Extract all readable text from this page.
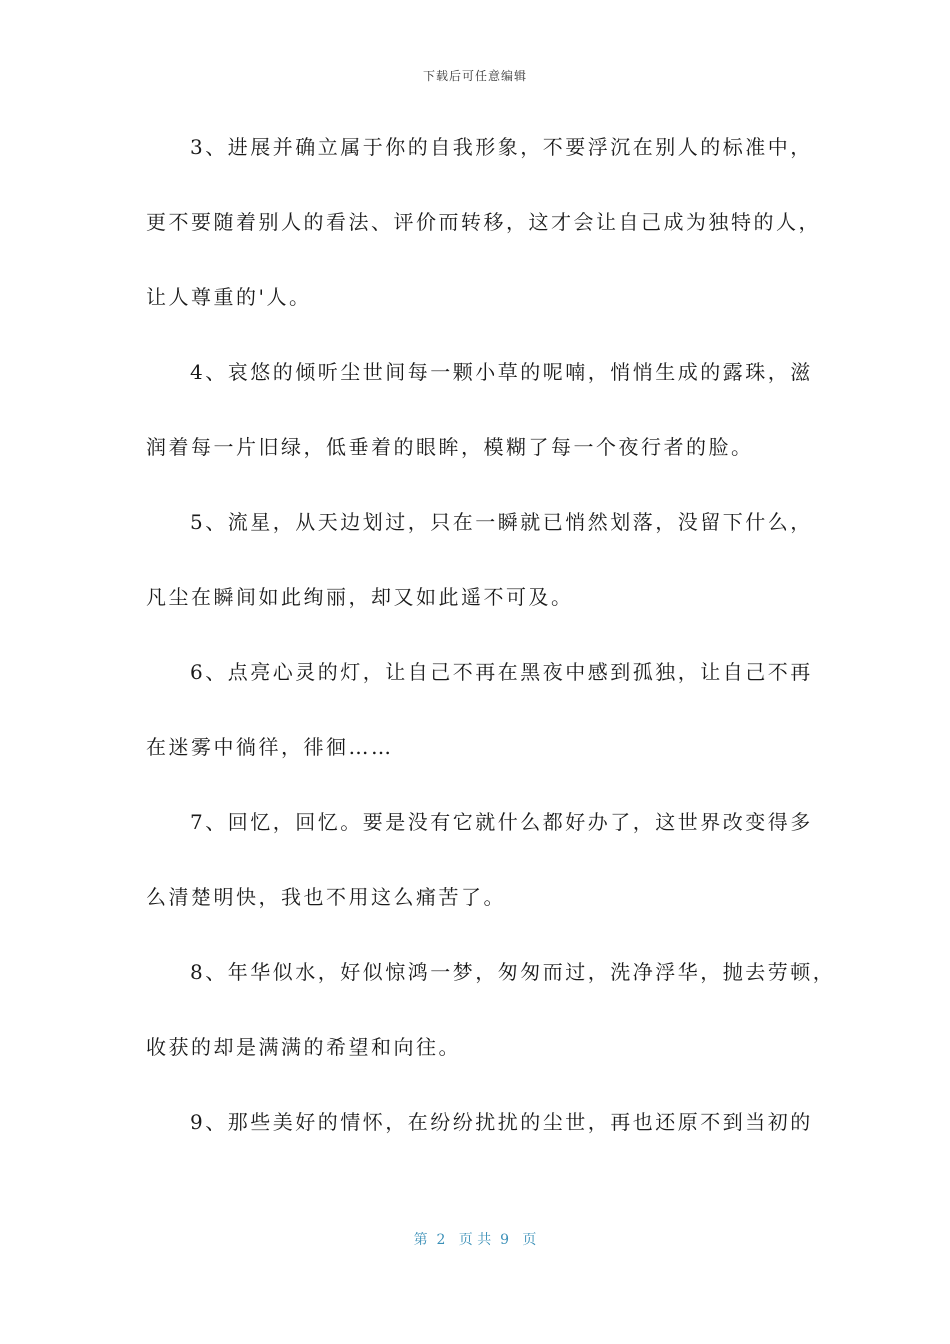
下载后可任意编辑
3、进展并确立属于你的自我形象，不要浮沉在别人的标准中，
更不要随着别人的看法、评价而转移，这才会让自己成为独特的人，
让人尊重的'人。
4、哀悠的倾听尘世间每一颗小草的呢喃，悄悄生成的露珠，滋
润着每一片旧绿，低垂着的眼眸，模糊了每一个夜行者的脸。
5、流星，从天边划过，只在一瞬就已悄然划落，没留下什么，
凡尘在瞬间如此绚丽，却又如此遥不可及。
6、点亮心灵的灯，让自己不再在黑夜中感到孤独，让自己不再
在迷雾中徜徉，徘徊……
7、回忆，回忆。要是没有它就什么都好办了，这世界改变得多
么清楚明快，我也不用这么痛苦了。
8、年华似水，好似惊鸿一梦，匆匆而过，洗净浮华，抛去劳顿，
收获的却是满满的希望和向往。
9、那些美好的情怀，在纷纷扰扰的尘世，再也还原不到当初的
第  2   页 共  9   页
